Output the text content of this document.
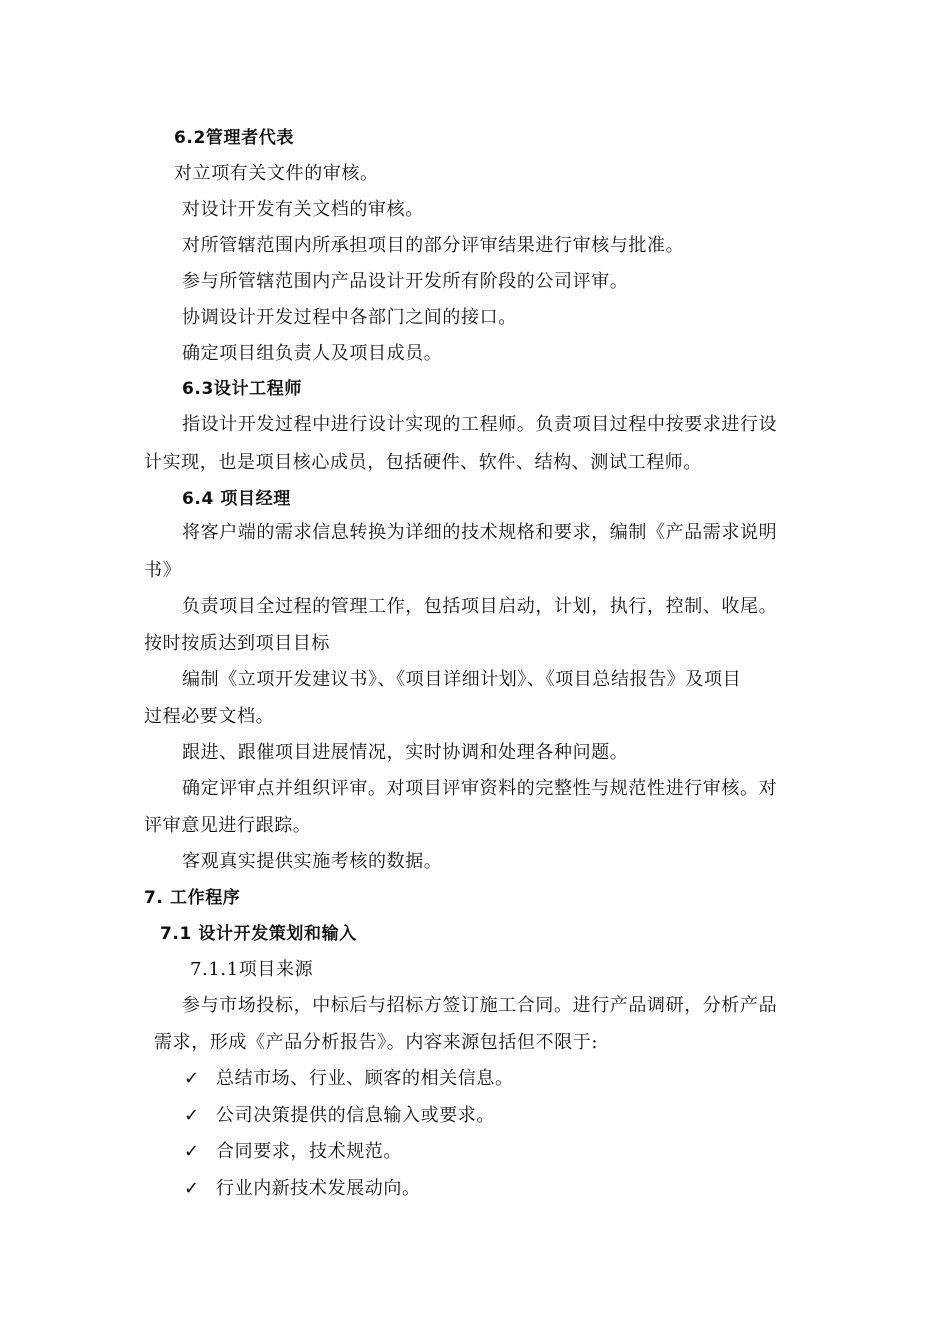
6.2管理者代表
对立项有关文件的审核。
对设计开发有关文档的审核。
对所管辖范围内所承担项目的部分评审结果进行审核与批准。
参与所管辖范围内产品设计开发所有阶段的公司评审。
协调设计开发过程中各部门之间的接口。
确定项目组负责人及项目成员。
6.3设计工程师
指设计开发过程中进行设计实现的工程师。负责项目过程中按要求进行设
计实现，也是项目核心成员，包括硬件、软件、结构、测试工程师。
6.4 项目经理
将客户端的需求信息转换为详细的技术规格和要求，编制《产品需求说明
书》
负责项目全过程的管理工作，包括项目启动，计划，执行，控制、收尾。
按时按质达到项目目标
编制《立项开发建议书》、《项目详细计划》、《项目总结报告》及项目
过程必要文档。
跟进、跟催项目进展情况，实时协调和处理各种问题。
确定评审点并组织评审。对项目评审资料的完整性与规范性进行审核。对
评审意见进行跟踪。
客观真实提供实施考核的数据。
7. 工作程序
7.1 设计开发策划和输入
7.1.1项目来源
参与市场投标，中标后与招标方签订施工合同。进行产品调研，分析产品
需求，形成《产品分析报告》。内容来源包括但不限于:
✓ 总结市场、行业、顾客的相关信息。
✓ 公司决策提供的信息输入或要求。
✓ 合同要求，技术规范。
✓ 行业内新技术发展动向。
